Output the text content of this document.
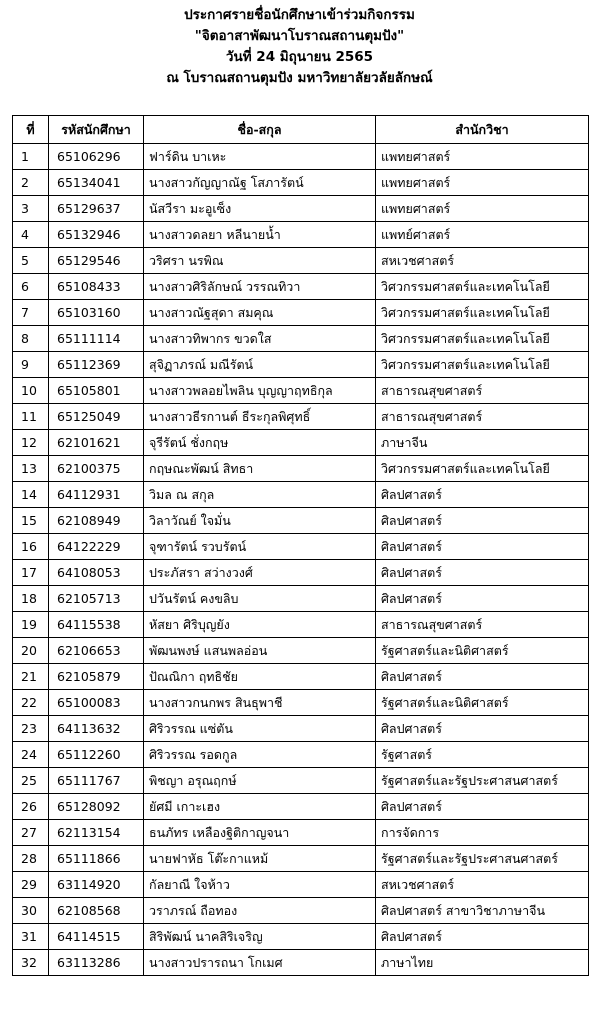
ประกาศรายชื่อนักศึกษาเข้าร่วมกิจกรรม
"จิตอาสาพัฒนาโบราณสถานตุมปัง"
วันที่ 24 มิถุนายน 2565
ณ โบราณสถานตุมปัง มหาวิทยาลัยวลัยลักษณ์
ที่	รหัสนักศึกษา	ชื่อ-สกุล	สำนักวิชา
1	65106296	ฟาร์ดิน บาเหะ	แพทยศาสตร์
2	65134041	นางสาวกัญญาณัฐ โสภารัตน์	แพทยศาสตร์
3	65129637	นัสวีรา มะอูเซ็ง	แพทยศาสตร์
4	65132946	นางสาวดลยา หลีนายน้ำ	แพทย์ศาสตร์
5	65129546	วริศรา นรพิณ	สหเวชศาสตร์
6	65108433	นางสาวศิริลักษณ์ วรรณทิวา	วิศวกรรมศาสตร์และเทคโนโลยี
7	65103160	นางสาวณัฐสุดา สมคุณ	วิศวกรรมศาสตร์และเทคโนโลยี
8	65111114	นางสาวทิพากร ขวดใส	วิศวกรรมศาสตร์และเทคโนโลยี
9	65112369	สุจิฏาภรณ์ มณีรัตน์	วิศวกรรมศาสตร์และเทคโนโลยี
10	65105801	นางสาวพลอยไพลิน บุญญาฤทธิกุล	สาธารณสุขศาสตร์
11	65125049	นางสาวธีรกานต์ ธีระกุลพิศุทธิ์	สาธารณสุขศาสตร์
12	62101621	จุรีรัตน์ ชั่งกฤษ	ภาษาจีน
13	62100375	กฤษณะพัฒน์ สิทธา	วิศวกรรมศาสตร์และเทคโนโลยี
14	64112931	วิมล ณ สกุล	ศิลปศาสตร์
15	62108949	วิลาวัณย์ ใจมั่น	ศิลปศาสตร์
16	64122229	จุฑารัตน์ รวบรัตน์	ศิลปศาสตร์
17	64108053	ประภัสรา สว่างวงศ์	ศิลปศาสตร์
18	62105713	ปวันรัตน์ คงขลิบ	ศิลปศาสตร์
19	64115538	หัสยา ศิริบุญยัง	สาธารณสุขศาสตร์
20	62106653	พัฒนพงษ์ แสนพลอ่อน	รัฐศาสตร์และนิติศาสตร์
21	62105879	ปัณณิกา ฤทธิชัย	ศิลปศาสตร์
22	65100083	นางสาวกนกพร สินธุพาชี	รัฐศาสตร์และนิติศาสตร์
23	64113632	ศิริวรรณ แซ่ตัน	ศิลปศาสตร์
24	65112260	ศิริวรรณ รอดกูล	รัฐศาสตร์
25	65111767	พิชญา อรุณฤกษ์	รัฐศาสตร์และรัฐประศาสนศาสตร์
26	65128092	ยัศมี เกาะเฮง	ศิลปศาสตร์
27	62113154	ธนภัทร เหลืองฐิติกาญจนา	การจัดการ
28	65111866	นายฟาหัธ โต๊ะกาแหม้	รัฐศาสตร์และรัฐประศาสนศาสตร์
29	63114920	กัลยาณี ใจห้าว	สหเวชศาสตร์
30	62108568	วราภรณ์ ถือทอง	ศิลปศาสตร์ สาขาวิชาภาษาจีน
31	64114515	สิริพัฒน์ นาคสิริเจริญ	ศิลปศาสตร์
32	63113286	นางสาวปรารถนา โกเมศ	ภาษาไทย
